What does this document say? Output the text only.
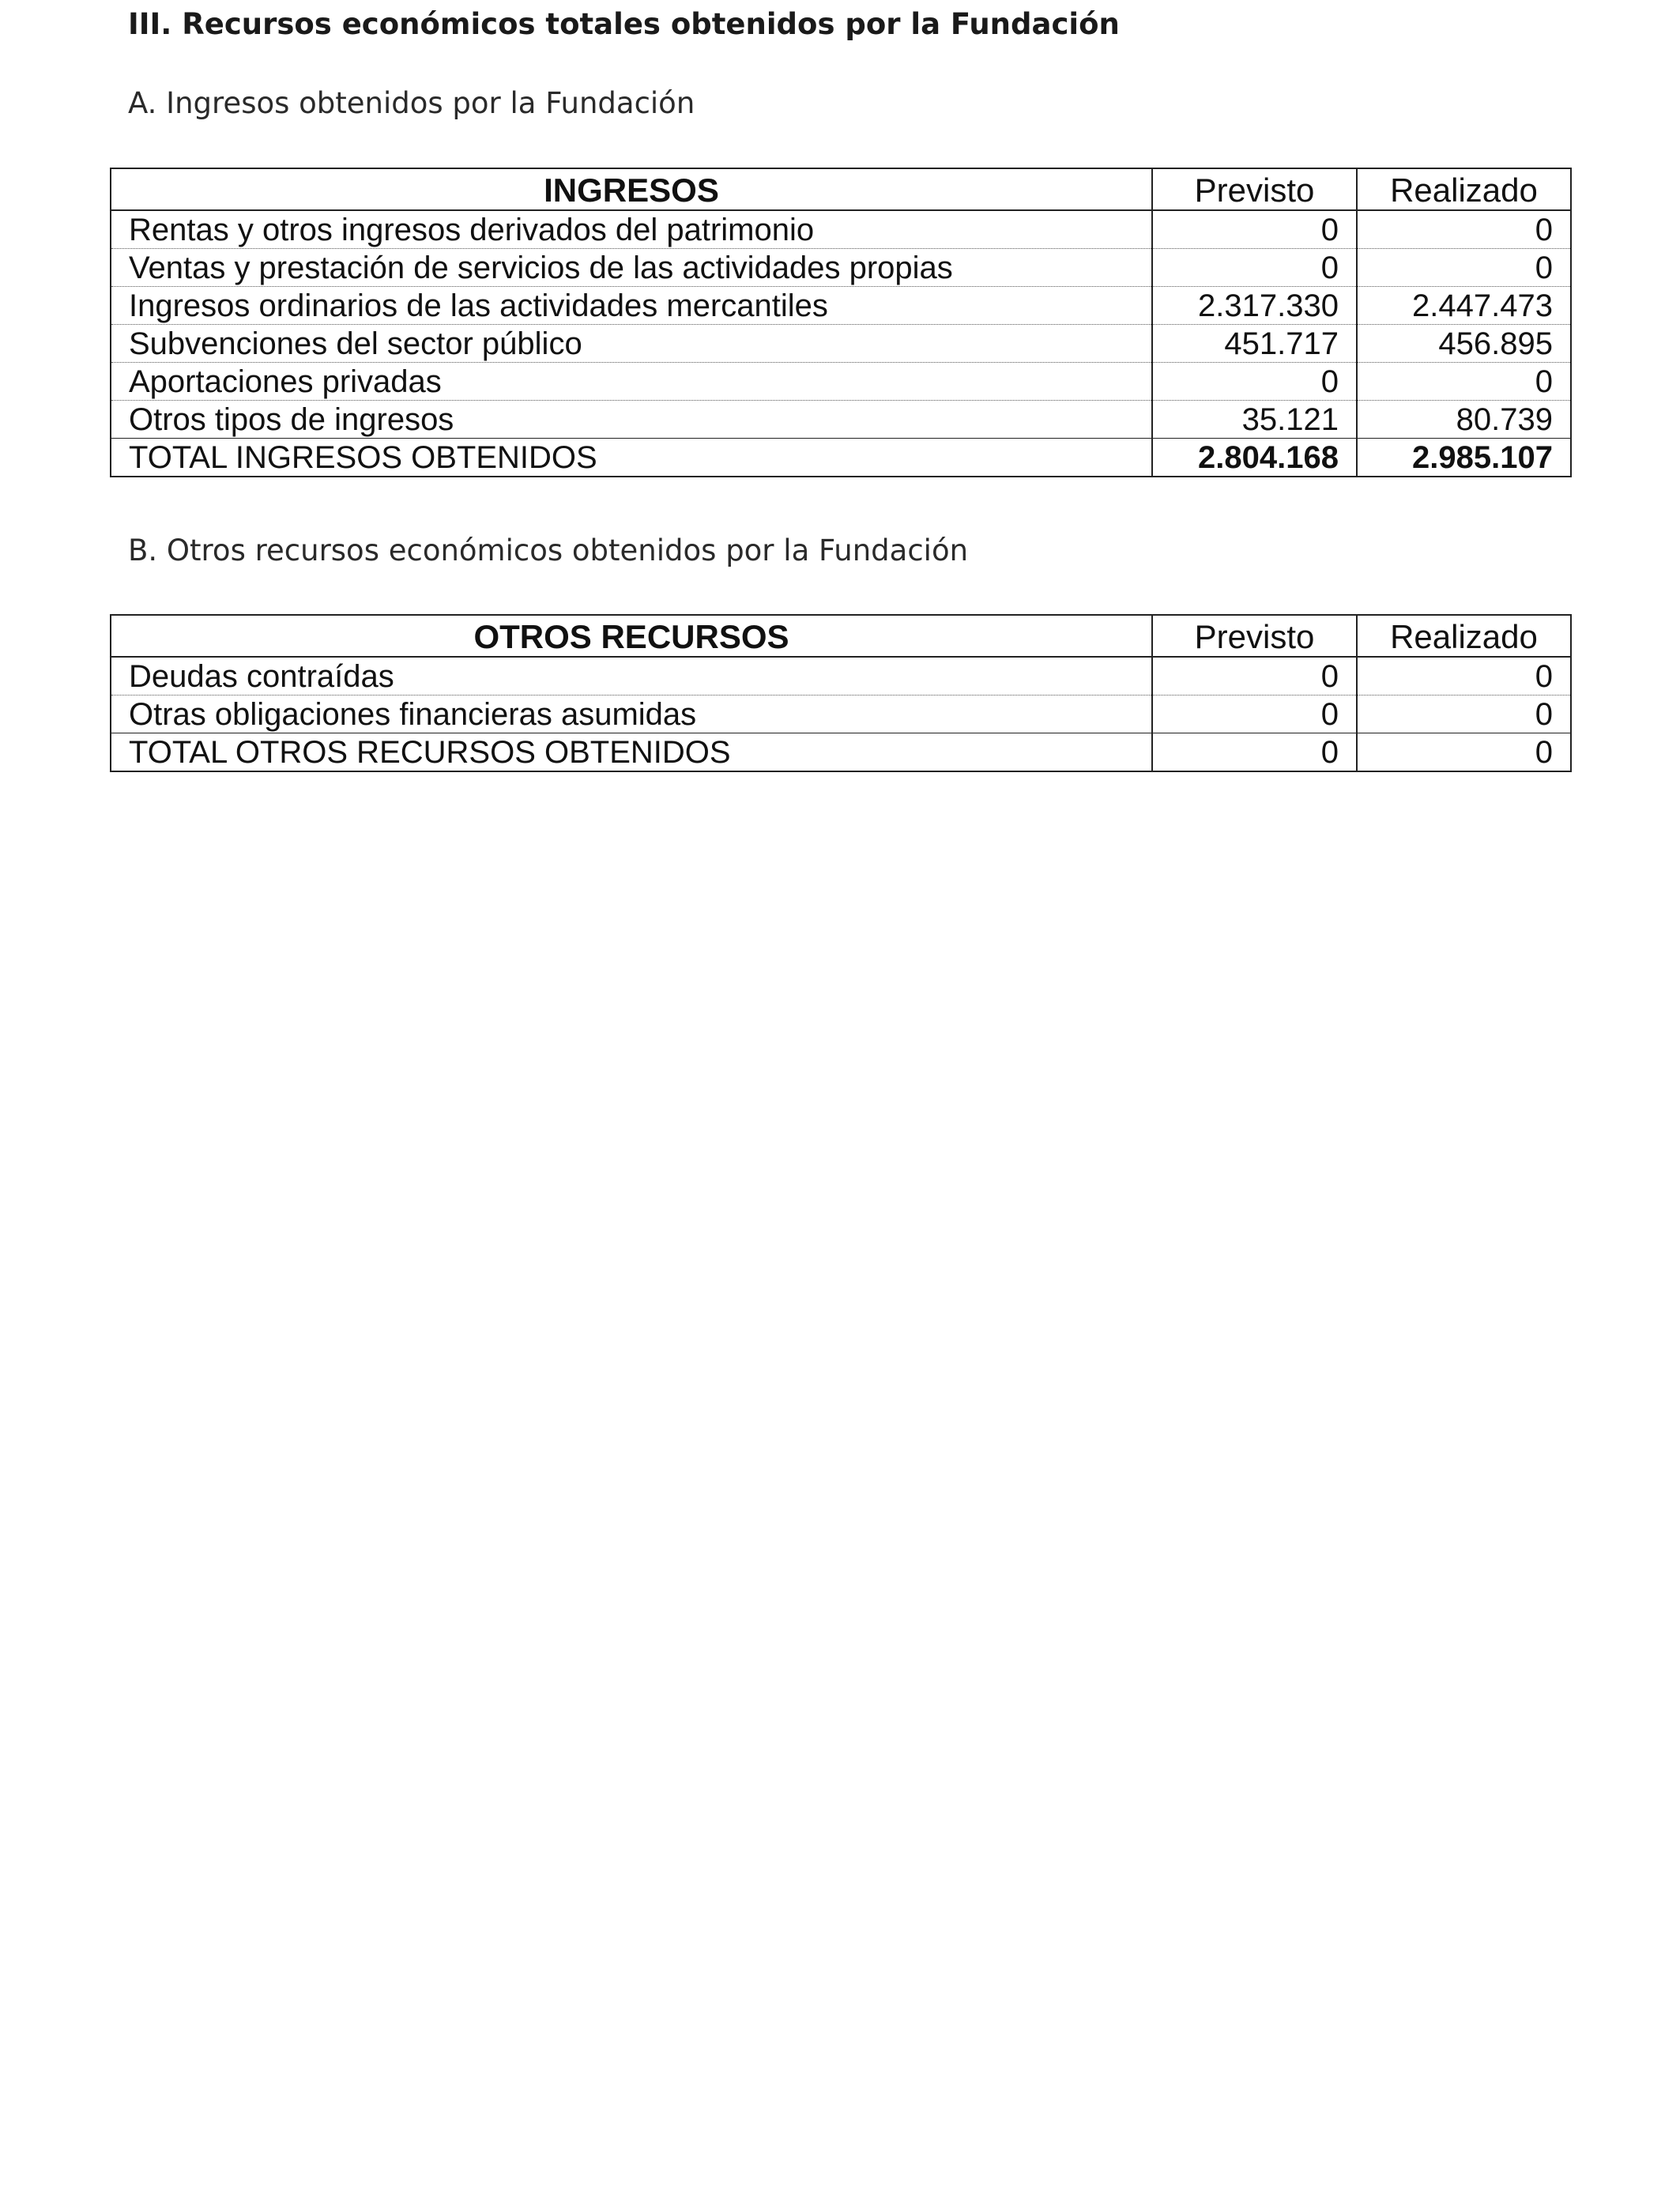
III. Recursos económicos totales obtenidos por la Fundación

A. Ingresos obtenidos por la Fundación

INGRESOS	Previsto	Realizado
Rentas y otros ingresos derivados del patrimonio	0	0
Ventas y prestación de servicios de las actividades propias	0	0
Ingresos ordinarios de las actividades mercantiles	2.317.330	2.447.473
Subvenciones del sector público	451.717	456.895
Aportaciones privadas	0	0
Otros tipos de ingresos	35.121	80.739
TOTAL INGRESOS OBTENIDOS	2.804.168	2.985.107

B. Otros recursos económicos obtenidos por la Fundación

OTROS RECURSOS	Previsto	Realizado
Deudas contraídas	0	0
Otras obligaciones financieras asumidas	0	0
TOTAL OTROS RECURSOS OBTENIDOS	0	0
